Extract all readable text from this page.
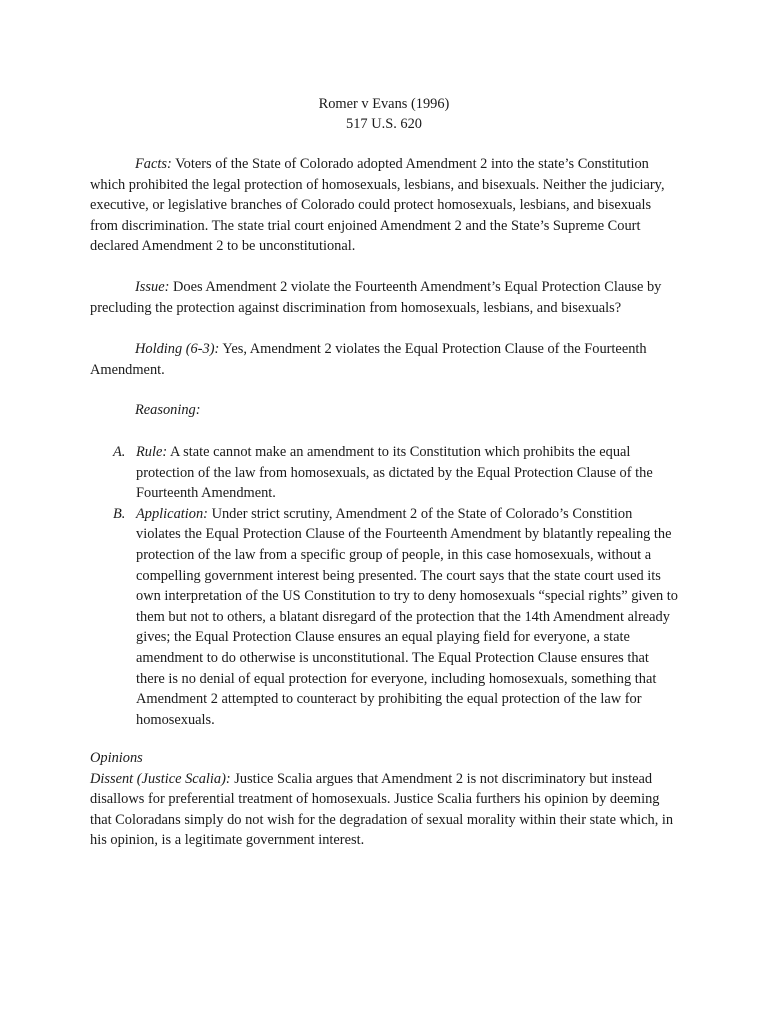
Romer v Evans (1996)
517 U.S. 620

Facts: Voters of the State of Colorado adopted Amendment 2 into the state’s Constitution which prohibited the legal protection of homosexuals, lesbians, and bisexuals. Neither the judiciary, executive, or legislative branches of Colorado could protect homosexuals, lesbians, and bisexuals from discrimination. The state trial court enjoined Amendment 2 and the State’s Supreme Court declared Amendment 2 to be unconstitutional.

Issue: Does Amendment 2 violate the Fourteenth Amendment’s Equal Protection Clause by precluding the protection against discrimination from homosexuals, lesbians, and bisexuals?

Holding (6-3): Yes, Amendment 2 violates the Equal Protection Clause of the Fourteenth Amendment.

Reasoning:

A. Rule: A state cannot make an amendment to its Constitution which prohibits the equal protection of the law from homosexuals, as dictated by the Equal Protection Clause of the Fourteenth Amendment.
B. Application: Under strict scrutiny, Amendment 2 of the State of Colorado’s Constition violates the Equal Protection Clause of the Fourteenth Amendment by blatantly repealing the protection of the law from a specific group of people, in this case homosexuals, without a compelling government interest being presented. The court says that the state court used its own interpretation of the US Constitution to try to deny homosexuals “special rights” given to them but not to others, a blatant disregard of the protection that the 14th Amendment already gives; the Equal Protection Clause ensures an equal playing field for everyone, a state amendment to do otherwise is unconstitutional. The Equal Protection Clause ensures that there is no denial of equal protection for everyone, including homosexuals, something that Amendment 2 attempted to counteract by prohibiting the equal protection of the law for homosexuals.

Opinions
Dissent (Justice Scalia): Justice Scalia argues that Amendment 2 is not discriminatory but instead disallows for preferential treatment of homosexuals. Justice Scalia furthers his opinion by deeming that Coloradans simply do not wish for the degradation of sexual morality within their state which, in his opinion, is a legitimate government interest.
